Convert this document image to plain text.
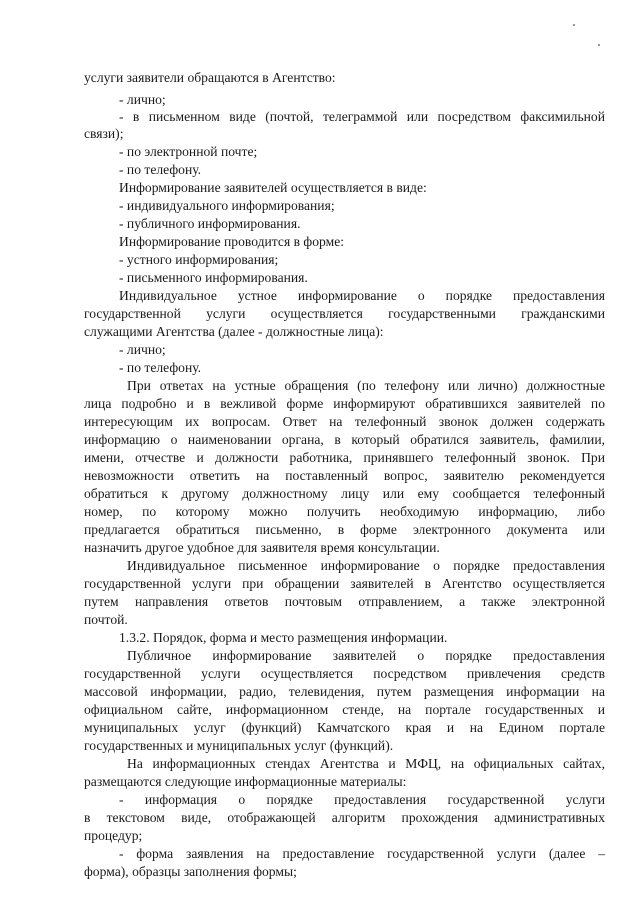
услуги заявители обращаются в Агентство:
- лично;
- в письменном виде (почтой, телеграммой или посредством факсимильной
связи);
- по электронной почте;
- по телефону.
Информирование заявителей осуществляется в виде:
- индивидуального информирования;
- публичного информирования.
Информирование проводится в форме:
- устного информирования;
- письменного информирования.
Индивидуальное устное информирование о порядке предоставления
государственной услуги осуществляется государственными гражданскими
служащими Агентства (далее - должностные лица):
- лично;
- по телефону.
При ответах на устные обращения (по телефону или лично) должностные
лица подробно и в вежливой форме информируют обратившихся заявителей по
интересующим их вопросам. Ответ на телефонный звонок должен содержать
информацию о наименовании органа, в который обратился заявитель, фамилии,
имени, отчестве и должности работника, принявшего телефонный звонок. При
невозможности ответить на поставленный вопрос, заявителю рекомендуется
обратиться к другому должностному лицу или ему сообщается телефонный
номер, по которому можно получить необходимую информацию, либо
предлагается обратиться письменно, в форме электронного документа или
назначить другое удобное для заявителя время консультации.
Индивидуальное письменное информирование о порядке предоставления
государственной услуги при обращении заявителей в Агентство осуществляется
путем направления ответов почтовым отправлением, а также электронной
почтой.
1.3.2. Порядок, форма и место размещения информации.
Публичное информирование заявителей о порядке предоставления
государственной услуги осуществляется посредством привлечения средств
массовой информации, радио, телевидения, путем размещения информации на
официальном сайте, информационном стенде, на портале государственных и
муниципальных услуг (функций) Камчатского края и на Едином портале
государственных и муниципальных услуг (функций).
На информационных стендах Агентства и МФЦ, на официальных сайтах,
размещаются следующие информационные материалы:
- информация о порядке предоставления государственной услуги
в текстовом виде, отображающей алгоритм прохождения административных
процедур;
- форма заявления на предоставление государственной услуги (далее –
форма), образцы заполнения формы;
